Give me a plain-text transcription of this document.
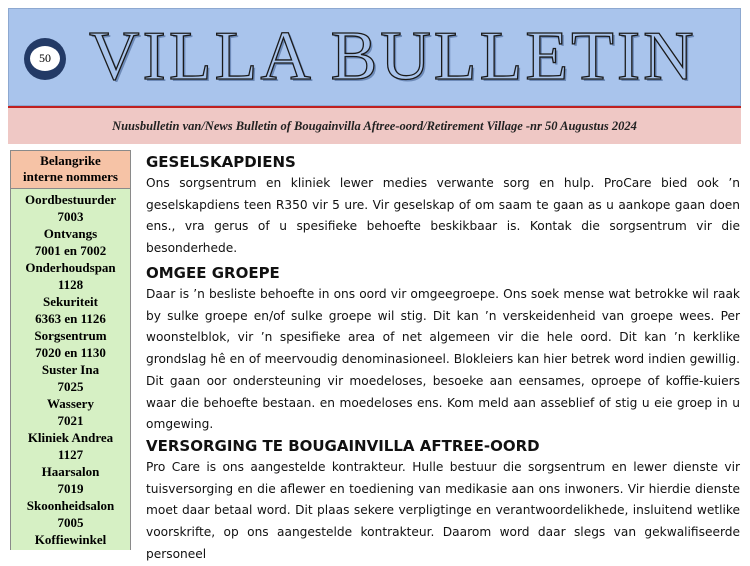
50 VILLA BULLETIN
Nuusbulletin van/News Bulletin of Bougainvilla Aftree-oord/Retirement Village -nr 50 Augustus 2024
Belangrike
interne nommers
Oordbestuurder
7003
Ontvangs
7001 en 7002
Onderhoudspan
1128
Sekuriteit
6363 en 1126
Sorgsentrum
7020 en 1130
Suster Ina
7025
Wassery
7021
Kliniek Andrea
1127
Haarsalon
7019
Skoonheidsalon
7005
Koffiewinkel
GESELSKAPDIENS

Ons sorgsentrum en kliniek lewer medies verwante sorg en hulp. ProCare bied ook ’n geselskapdiens teen R350 vir 5 ure. Vir geselskap of om saam te gaan as u aankope gaan doen ens., vra gerus of u spesifieke behoefte beskikbaar is. Kontak die sorgsentrum vir die besonderhede.

OMGEE GROEPE

Daar is ’n besliste behoefte in ons oord vir omgeegroepe. Ons soek mense wat betrokke wil raak by sulke groepe en/of sulke groepe wil stig. Dit kan ’n verskeidenheid van groepe wees. Per woonstelblok, vir ’n spesifieke area of net algemeen vir die hele oord. Dit kan ’n kerklike grondslag hê en of meervoudig denominasioneel. Blokleiers kan hier betrek word indien gewillig. Dit gaan oor ondersteuning vir moedeloses, besoeke aan eensames, oproepe of koffie-kuiers waar die behoefte bestaan. en moedeloses ens. Kom meld aan asseblief of stig u eie groep in u omgewing.

VERSORGING TE BOUGAINVILLA AFTREE-OORD

Pro Care is ons aangestelde kontrakteur. Hulle bestuur die sorgsentrum en lewer dienste vir tuisversorging en die aflewer en toediening van medikasie aan ons inwoners. Vir hierdie dienste moet daar betaal word. Dit plaas sekere verpligtinge en verantwoordelikhede, insluitend wetlike voorskrifte, op ons aangestelde kontrakteur. Daarom word daar slegs van gekwalifiseerde personeel
